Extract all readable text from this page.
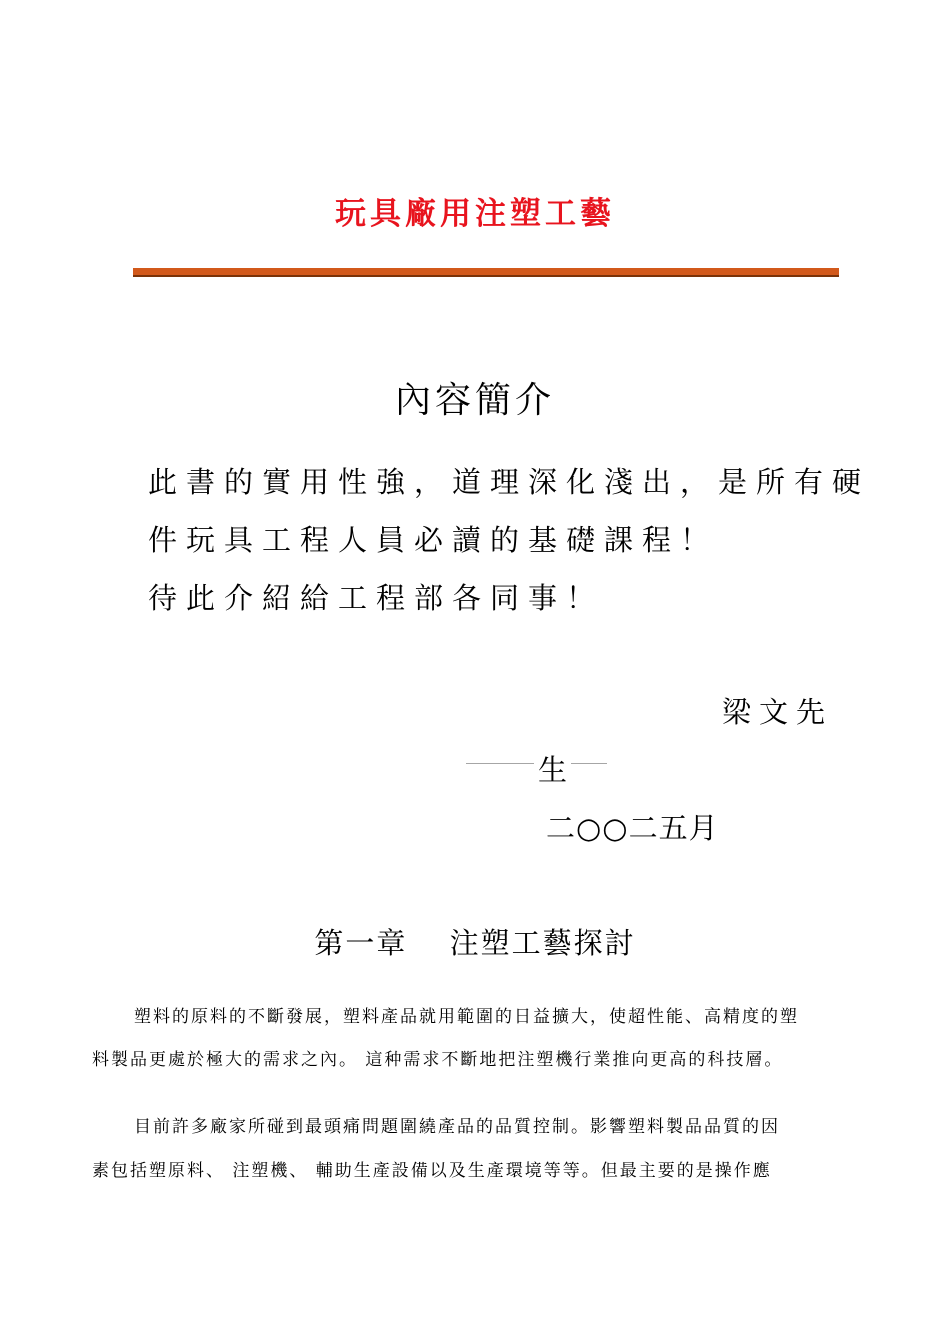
玩具廠用注塑工藝
內容簡介
此書的實用性強，道理深化淺出，是所有硬
件玩具工程人員必讀的基礎課程！
待此介紹給工程部各同事！
梁文先
生
二○○二五月
第一章　 注塑工藝探討
塑料的原料的不斷發展，塑料產品就用範圍的日益擴大，使超性能、高精度的塑
料製品更處於極大的需求之內。 這种需求不斷地把注塑機行業推向更高的科技層。
目前許多廠家所碰到最頭痛問題圍繞產品的品質控制。影響塑料製品品質的因
素包括塑原料、 注塑機、 輔助生產設備以及生產環境等等。但最主要的是操作應
